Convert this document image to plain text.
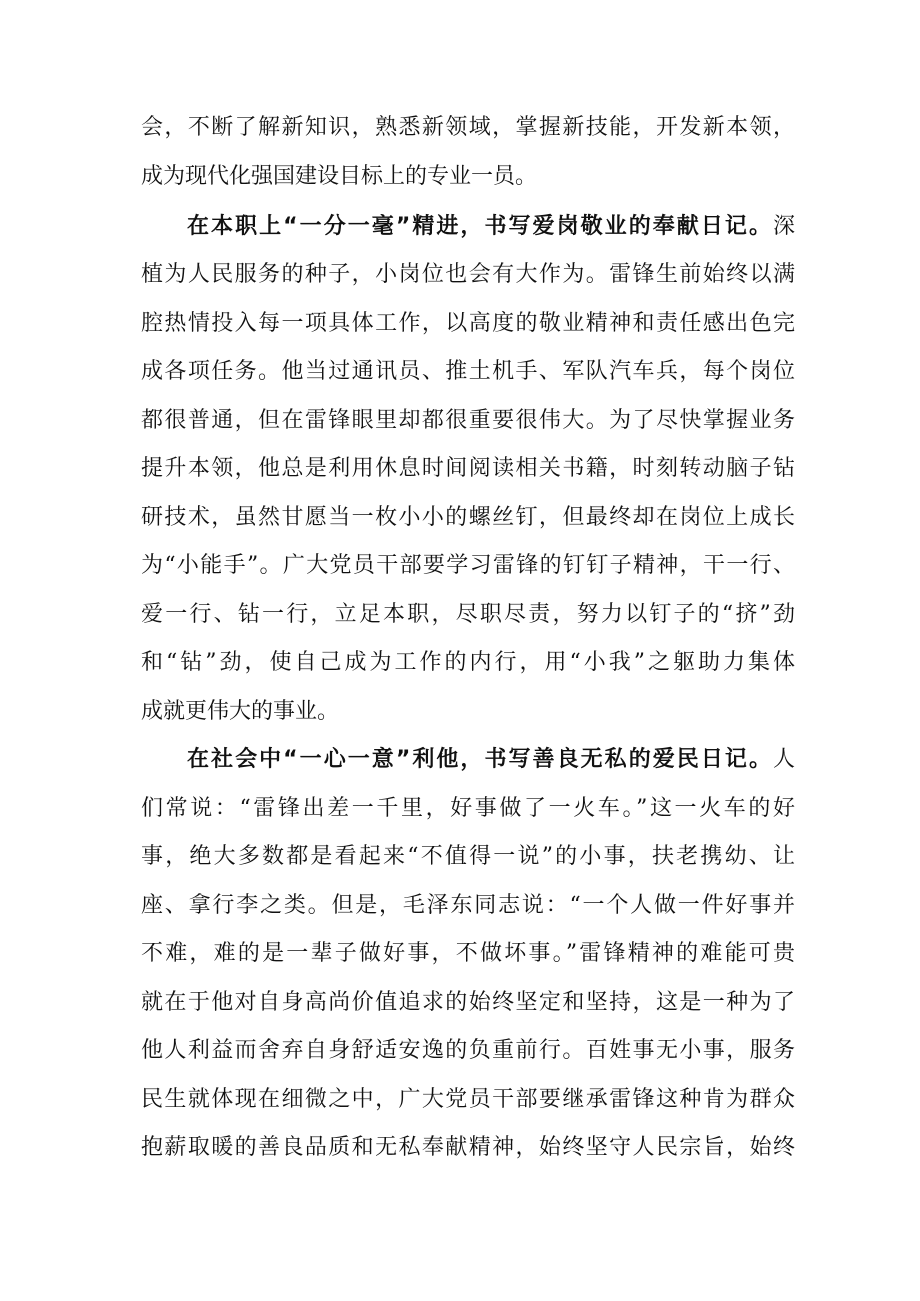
会，不断了解新知识，熟悉新领域，掌握新技能，开发新本领，
成为现代化强国建设目标上的专业一员。
在本职上“一分一毫”精进，书写爱岗敬业的奉献日记。深
植为人民服务的种子，小岗位也会有大作为。雷锋生前始终以满
腔热情投入每一项具体工作，以高度的敬业精神和责任感出色完
成各项任务。他当过通讯员、推土机手、军队汽车兵，每个岗位
都很普通，但在雷锋眼里却都很重要很伟大。为了尽快掌握业务
提升本领，他总是利用休息时间阅读相关书籍，时刻转动脑子钻
研技术，虽然甘愿当一枚小小的螺丝钉，但最终却在岗位上成长
为“小能手”。广大党员干部要学习雷锋的钉钉子精神，干一行、
爱一行、钻一行，立足本职，尽职尽责，努力以钉子的“挤”劲
和“钻”劲，使自己成为工作的内行，用“小我”之躯助力集体
成就更伟大的事业。
在社会中“一心一意”利他，书写善良无私的爱民日记。人
们常说：“雷锋出差一千里，好事做了一火车。”这一火车的好
事，绝大多数都是看起来“不值得一说”的小事，扶老携幼、让
座、拿行李之类。但是，毛泽东同志说：“一个人做一件好事并
不难，难的是一辈子做好事，不做坏事。”雷锋精神的难能可贵
就在于他对自身高尚价值追求的始终坚定和坚持，这是一种为了
他人利益而舍弃自身舒适安逸的负重前行。百姓事无小事，服务
民生就体现在细微之中，广大党员干部要继承雷锋这种肯为群众
抱薪取暖的善良品质和无私奉献精神，始终坚守人民宗旨，始终
